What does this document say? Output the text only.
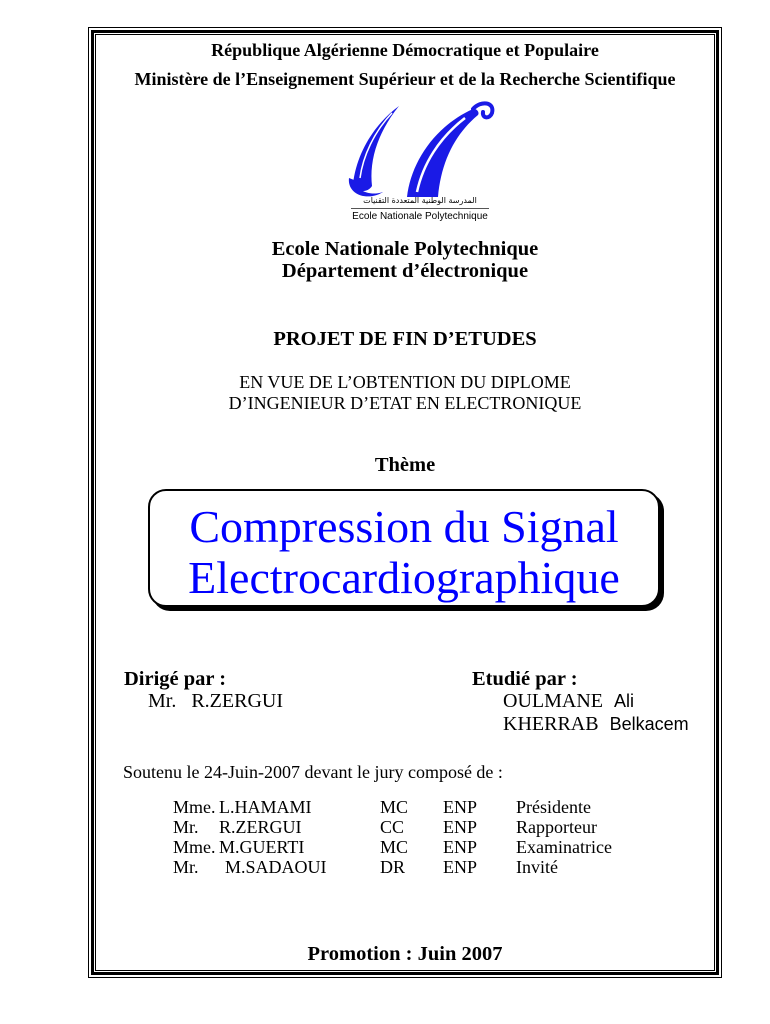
République Algérienne Démocratique et Populaire
Ministère de l’Enseignement Supérieur et de la Recherche Scientifique
المدرسة الوطنية المتعددة التقنيات
Ecole Nationale Polytechnique
Ecole Nationale Polytechnique
Département d’électronique
PROJET DE FIN D’ETUDES
EN VUE DE L’OBTENTION DU DIPLOME
D’INGENIEUR D’ETAT EN ELECTRONIQUE
Thème
Compression du Signal
Electrocardiographique
Dirigé par :
Mr. R.ZERGUI
Etudié par :
OULMANE Ali
KHERRAB Belkacem
Soutenu le 24-Juin-2007 devant le jury composé de :
Mme. L.HAMAMI	MC ENP Présidente
Mr. R.ZERGUI	CC ENP Rapporteur
Mme. M.GUERTI	MC ENP Examinatrice
Mr. M.SADAOUI	DR ENP Invité
Promotion : Juin 2007
